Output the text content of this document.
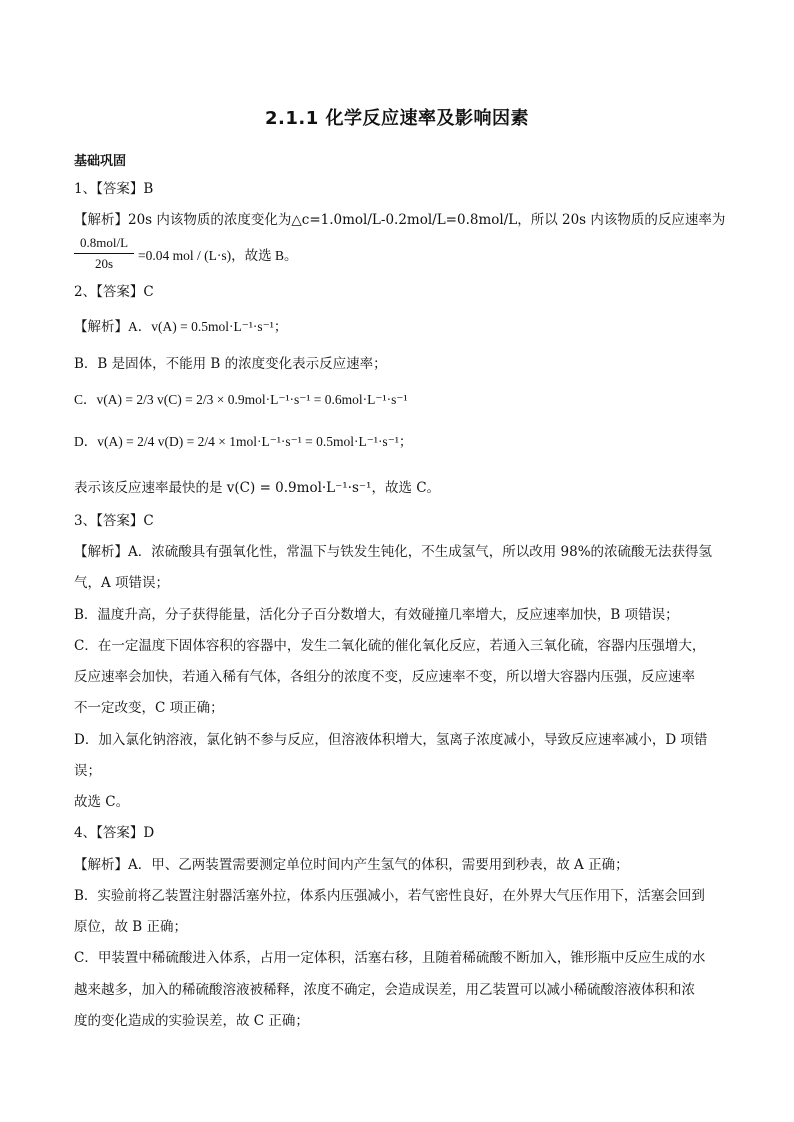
2.1.1 化学反应速率及影响因素
基础巩固
1、【答案】B
【解析】20s 内该物质的浓度变化为△c=1.0mol/L-0.2mol/L=0.8mol/L，所以 20s 内该物质的反应速率为
0.8mol/L
20s
=0.04 mol / (L·s)，故选 B。
2、【答案】C
【解析】A．v(A) = 0.5mol·L⁻¹·s⁻¹；
B．B 是固体，不能用 B 的浓度变化表示反应速率；
C．v(A) = 2/3 v(C) = 2/3 × 0.9mol·L⁻¹·s⁻¹ = 0.6mol·L⁻¹·s⁻¹
D．v(A) = 2/4 v(D) = 2/4 × 1mol·L⁻¹·s⁻¹ = 0.5mol·L⁻¹·s⁻¹；
表示该反应速率最快的是 v(C) = 0.9mol·L⁻¹·s⁻¹，故选 C。
3、【答案】C
【解析】A．浓硫酸具有强氧化性，常温下与铁发生钝化，不生成氢气，所以改用 98%的浓硫酸无法获得氢
气，A 项错误；
B．温度升高，分子获得能量，活化分子百分数增大，有效碰撞几率增大，反应速率加快，B 项错误；
C．在一定温度下固体容积的容器中，发生二氧化硫的催化氧化反应，若通入三氧化硫，容器内压强增大，
反应速率会加快，若通入稀有气体，各组分的浓度不变，反应速率不变，所以增大容器内压强，反应速率
不一定改变，C 项正确；
D．加入氯化钠溶液，氯化钠不参与反应，但溶液体积增大，氢离子浓度减小，导致反应速率减小，D 项错
误；
故选 C。
4、【答案】D
【解析】A．甲、乙两装置需要测定单位时间内产生氢气的体积，需要用到秒表，故 A 正确；
B．实验前将乙装置注射器活塞外拉，体系内压强减小，若气密性良好，在外界大气压作用下，活塞会回到
原位，故 B 正确；
C．甲装置中稀硫酸进入体系，占用一定体积，活塞右移，且随着稀硫酸不断加入，锥形瓶中反应生成的水
越来越多，加入的稀硫酸溶液被稀释，浓度不确定，会造成误差，用乙装置可以减小稀硫酸溶液体积和浓
度的变化造成的实验误差，故 C 正确；
